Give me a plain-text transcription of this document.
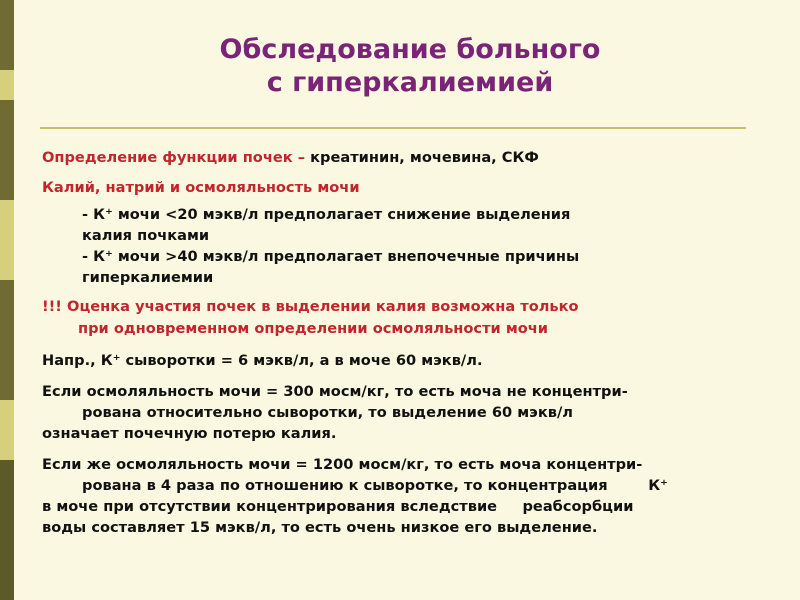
Обследование больного
с гиперкалиемией
Определение функции почек – креатинин, мочевина, СКФ
Калий, натрий и осмоляльность мочи
- К⁺ мочи <20 мэкв/л предполагает снижение выделения
калия почками
- К⁺ мочи >40 мэкв/л предполагает внепочечные причины
гиперкалиемии
!!! Оценка участия почек в выделении калия возможна только
при одновременном определении осмоляльности мочи
Напр., К⁺ сыворотки = 6 мэкв/л, а в моче 60 мэкв/л.
Если осмоляльность мочи = 300 мосм/кг, то есть моча не концентри-
рована относительно сыворотки, то выделение 60 мэкв/л
означает почечную потерю калия.
Если же осмоляльность мочи = 1200 мосм/кг, то есть моча концентри-
рована в 4 раза по отношению к сыворотке, то концентрация        К⁺
в моче при отсутствии концентрирования вследствие     реабсорбции
воды составляет 15 мэкв/л, то есть очень низкое его выделение.
